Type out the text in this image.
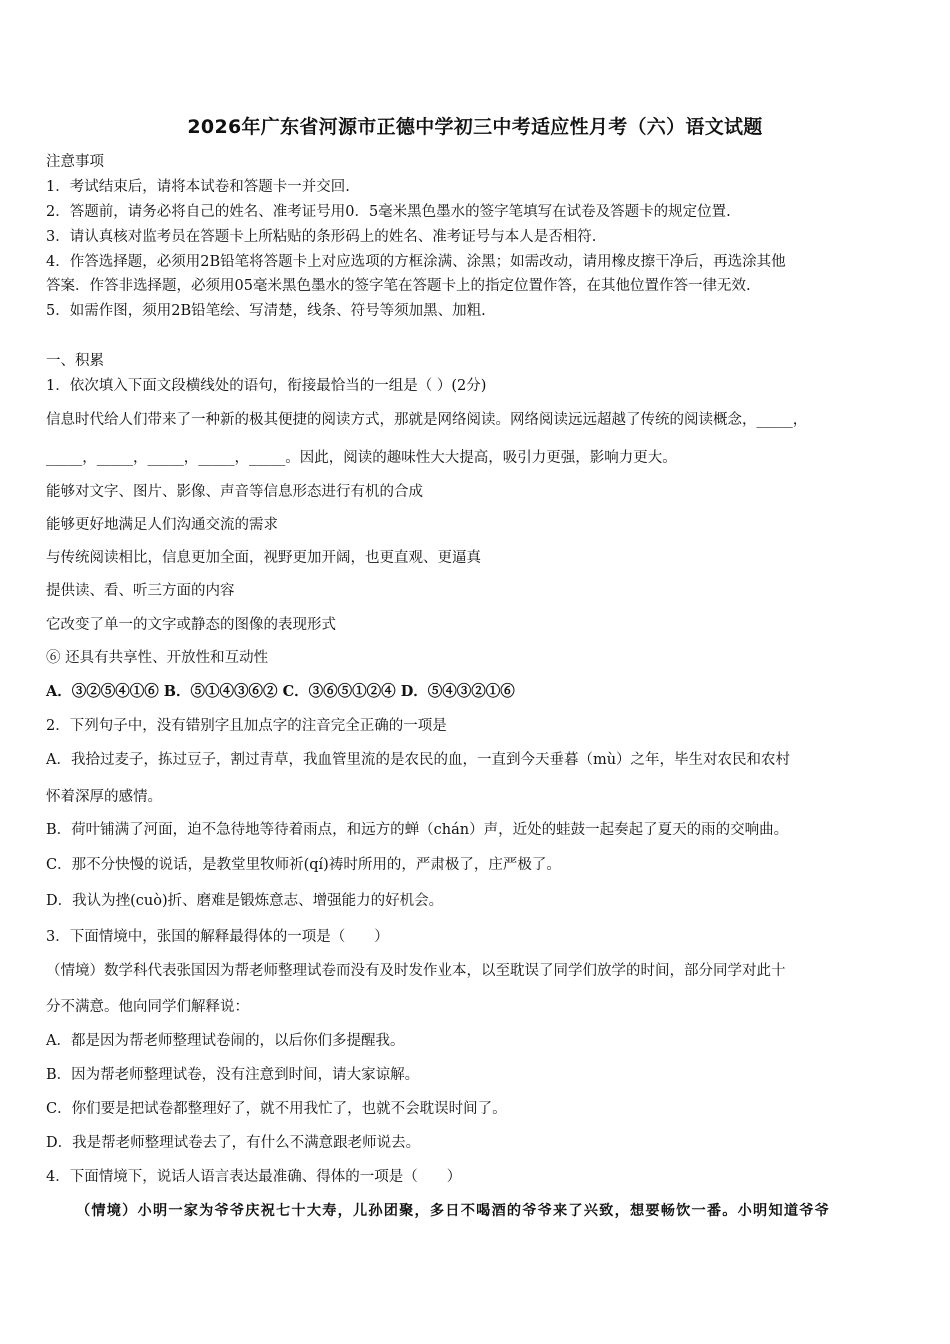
2026年广东省河源市正德中学初三中考适应性月考（六）语文试题
注意事项
1．考试结束后，请将本试卷和答题卡一并交回.
2．答题前，请务必将自己的姓名、准考证号用0．5毫米黑色墨水的签字笔填写在试卷及答题卡的规定位置.
3．请认真核对监考员在答题卡上所粘贴的条形码上的姓名、准考证号与本人是否相符.
4．作答选择题，必须用2B铅笔将答题卡上对应选项的方框涂满、涂黑；如需改动，请用橡皮擦干净后，再选涂其他
答案．作答非选择题，必须用05毫米黑色墨水的签字笔在答题卡上的指定位置作答，在其他位置作答一律无效.
5．如需作图，须用2B铅笔绘、写清楚，线条、符号等须加黑、加粗.
一、积累
1．依次填入下面文段横线处的语句，衔接最恰当的一组是（ ）(2分)
信息时代给人们带来了一种新的极其便捷的阅读方式，那就是网络阅读。网络阅读远远超越了传统的阅读概念，_____，
_____，_____，_____，_____，_____。因此，阅读的趣味性大大提高，吸引力更强，影响力更大。
能够对文字、图片、影像、声音等信息形态进行有机的合成
能够更好地满足人们沟通交流的需求
与传统阅读相比，信息更加全面，视野更加开阔，也更直观、更逼真
提供读、看、听三方面的内容
它改变了单一的文字或静态的图像的表现形式
⑥ 还具有共享性、开放性和互动性
A．③②⑤④①⑥ B．⑤①④③⑥② C．③⑥⑤①②④ D．⑤④③②①⑥
2．下列句子中，没有错别字且加点字的注音完全正确的一项是
A．我拾过麦子，拣过豆子，割过青草，我血管里流的是农民的血，一直到今天垂暮（mù）之年，毕生对农民和农村
怀着深厚的感情。
B．荷叶铺满了河面，迫不急待地等待着雨点，和远方的蝉（chán）声，近处的蛙鼓一起奏起了夏天的雨的交响曲。
C．那不分快慢的说话，是教堂里牧师祈(qí)祷时所用的，严肃极了，庄严极了。
D．我认为挫(cuò)折、磨难是锻炼意志、增强能力的好机会。
3．下面情境中，张国的解释最得体的一项是（　　）
（情境）数学科代表张国因为帮老师整理试卷而没有及时发作业本，以至耽误了同学们放学的时间，部分同学对此十
分不满意。他向同学们解释说：
A．都是因为帮老师整理试卷闹的，以后你们多提醒我。
B．因为帮老师整理试卷，没有注意到时间，请大家谅解。
C．你们要是把试卷都整理好了，就不用我忙了，也就不会耽误时间了。
D．我是帮老师整理试卷去了，有什么不满意跟老师说去。
4．下面情境下，说话人语言表达最准确、得体的一项是（　　）
（情境）小明一家为爷爷庆祝七十大寿，儿孙团聚，多日不喝酒的爷爷来了兴致，想要畅饮一番。小明知道爷爷
